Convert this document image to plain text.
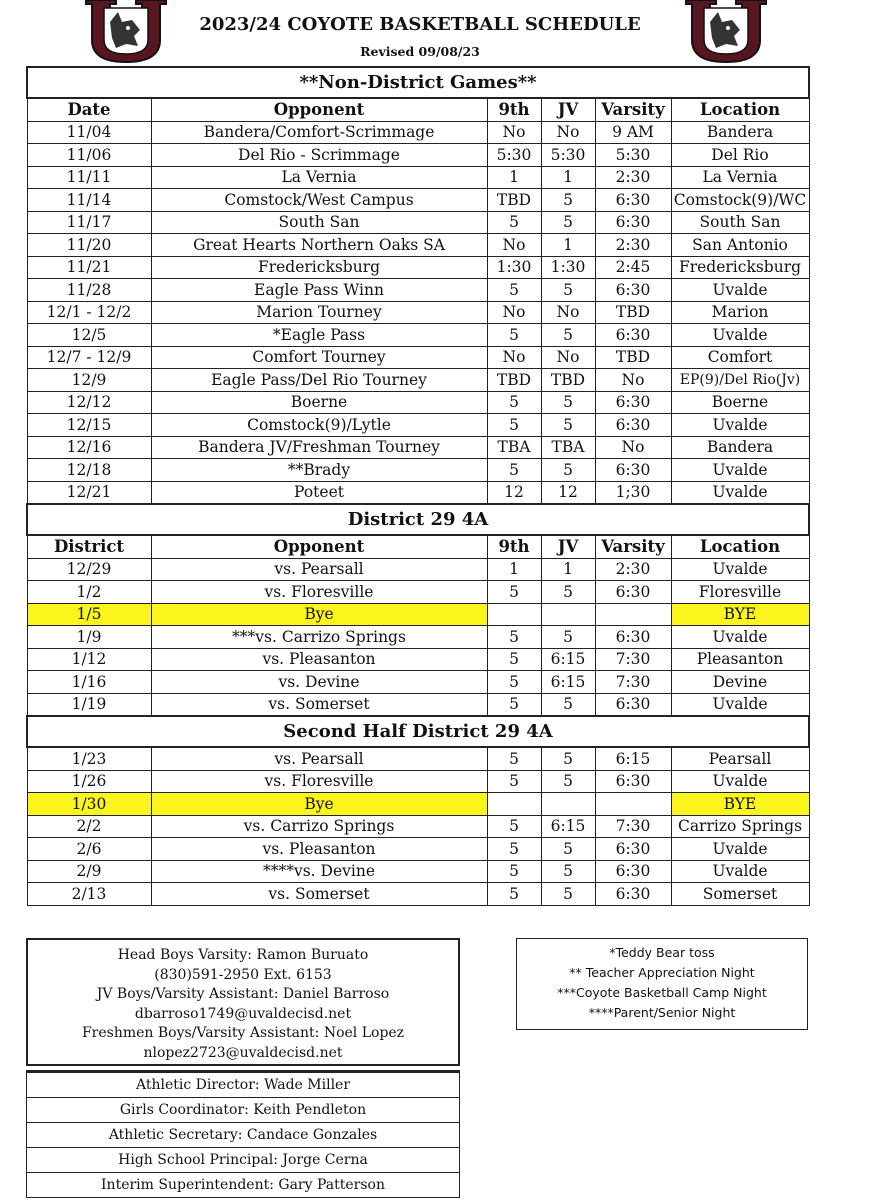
2023/24 COYOTE BASKETBALL SCHEDULE
Revised 09/08/23
**Non-District Games**					
Date	Opponent	9th	JV	Varsity	Location
11/04	Bandera/Comfort-Scrimmage	No	No	9 AM	Bandera
11/06	Del Rio - Scrimmage	5:30	5:30	5:30	Del Rio
11/11	La Vernia	1	1	2:30	La Vernia
11/14	Comstock/West Campus	TBD	5	6:30	Comstock(9)/WC
11/17	South San	5	5	6:30	South San
11/20	Great Hearts Northern Oaks SA	No	1	2:30	San Antonio
11/21	Fredericksburg	1:30	1:30	2:45	Fredericksburg
11/28	Eagle Pass Winn	5	5	6:30	Uvalde
12/1 - 12/2	Marion Tourney	No	No	TBD	Marion
12/5	*Eagle Pass	5	5	6:30	Uvalde
12/7 - 12/9	Comfort Tourney	No	No	TBD	Comfort
12/9	Eagle Pass/Del Rio Tourney	TBD	TBD	No	EP(9)/Del Rio(Jv)
12/12	Boerne	5	5	6:30	Boerne
12/15	Comstock(9)/Lytle	5	5	6:30	Uvalde
12/16	Bandera JV/Freshman Tourney	TBA	TBA	No	Bandera
12/18	**Brady	5	5	6:30	Uvalde
12/21	Poteet	12	12	1;30	Uvalde
District 29 4A					
District	Opponent	9th	JV	Varsity	Location
12/29	vs. Pearsall	1	1	2:30	Uvalde
1/2	vs. Floresville	5	5	6:30	Floresville
1/5	Bye				BYE
1/9	***vs. Carrizo Springs	5	5	6:30	Uvalde
1/12	vs. Pleasanton	5	6:15	7:30	Pleasanton
1/16	vs. Devine	5	6:15	7:30	Devine
1/19	vs. Somerset	5	5	6:30	Uvalde
Second Half District 29 4A					
1/23	vs. Pearsall	5	5	6:15	Pearsall
1/26	vs. Floresville	5	5	6:30	Uvalde
1/30	Bye				BYE
2/2	vs. Carrizo Springs	5	6:15	7:30	Carrizo Springs
2/6	vs. Pleasanton	5	5	6:30	Uvalde
2/9	****vs. Devine	5	5	6:30	Uvalde
2/13	vs. Somerset	5	5	6:30	Somerset
Head Boys Varsity: Ramon Buruato
(830)591-2950 Ext. 6153
JV Boys/Varsity Assistant: Daniel Barroso
dbarroso1749@uvaldecisd.net
Freshmen Boys/Varsity Assistant: Noel Lopez
nlopez2723@uvaldecisd.net
*Teddy Bear toss
** Teacher Appreciation Night
***Coyote Basketball Camp Night
****Parent/Senior Night
Athletic Director: Wade Miller
Girls Coordinator: Keith Pendleton
Athletic Secretary: Candace Gonzales
High School Principal: Jorge Cerna
Interim Superintendent: Gary Patterson
